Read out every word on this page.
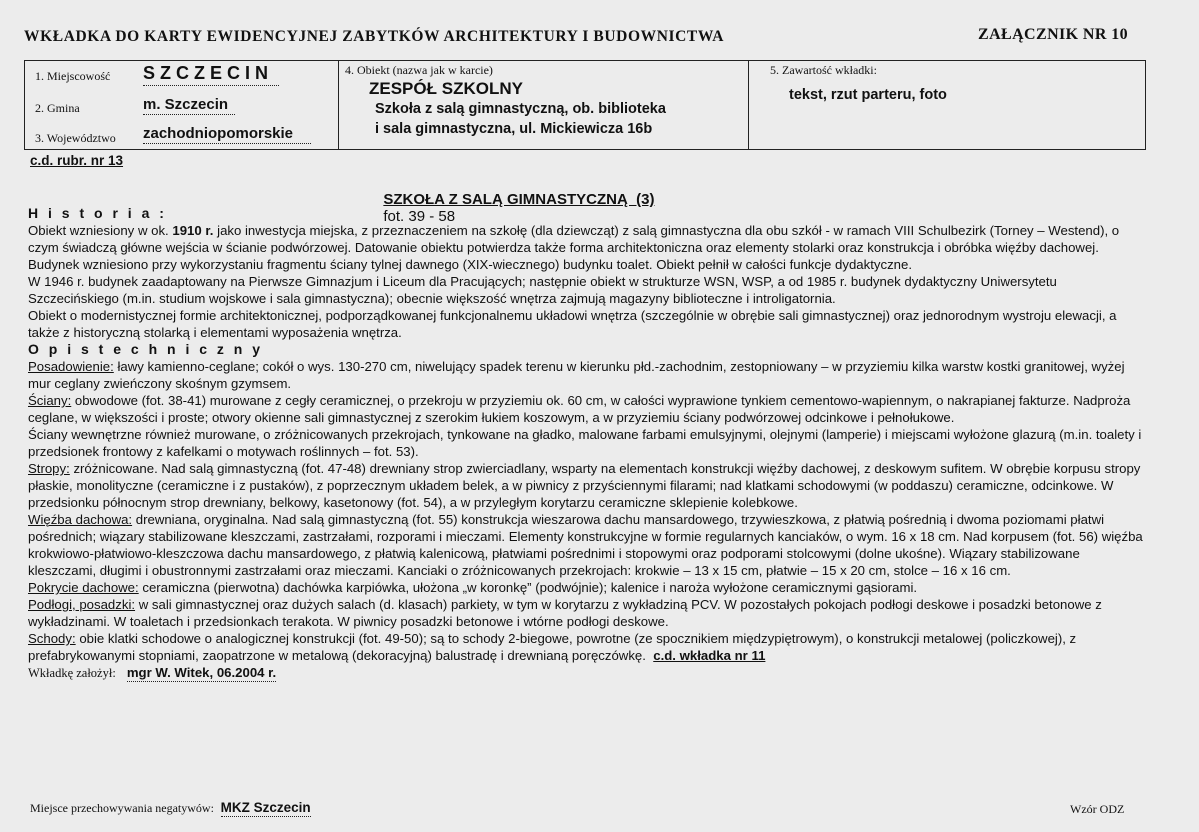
WKŁADKA DO KARTY EWIDENCYJNEJ ZABYTKÓW ARCHITEKTURY I BUDOWNICTWA	ZAŁĄCZNIK NR 10
1. Miejscowość S Z C Z E C I N
2. Gmina	m. Szczecin
3. Województwo zachodniopomorskie
4. Obiekt (nazwa jak w karcie)
ZESPÓŁ SZKOLNY
Szkoła z salą gimnastyczną, ob. biblioteka
i sala gimnastyczna, ul. Mickiewicza 16b
5. Zawartość wkładki:
tekst, rzut parteru, foto
c.d. rubr. nr 13

SZKOŁA Z SALĄ GIMNASTYCZNĄ  (3)
fot. 39 - 58

H i s t o r i a :

Obiekt wzniesiony w ok. 1910 r. jako inwestycja miejska, z przeznaczeniem na szkołę (dla dziewcząt) z salą gimnastyczna dla obu szkół - w ramach VIII Schulbezirk (Torney – Westend), o czym świadczą główne wejścia w ścianie podwórzowej. Datowanie obiektu potwierdza także forma architektoniczna oraz elementy stolarki oraz konstrukcja i obróbka więźby dachowej. Budynek wzniesiono przy wykorzystaniu fragmentu ściany tylnej dawnego (XIX-wiecznego) budynku toalet. Obiekt pełnił w całości funkcje dydaktyczne.

W 1946 r. budynek zaadaptowany na Pierwsze Gimnazjum i Liceum dla Pracujących; następnie obiekt w strukturze WSN, WSP, a od 1985 r. budynek dydaktyczny Uniwersytetu Szczecińskiego (m.in. studium wojskowe i sala gimnastyczna); obecnie większość wnętrza zajmują magazyny biblioteczne i introligatornia.

Obiekt o modernistycznej formie architektonicznej, podporządkowanej funkcjonalnemu układowi wnętrza (szczególnie w obrębie sali gimnastycznej) oraz jednorodnym wystroju elewacji, a także z historyczną stolarką i elementami wyposażenia wnętrza.

O p i s t e c h n i c z n y

Posadowienie: ławy kamienno-ceglane; cokół o wys. 130-270 cm, niwelujący spadek terenu w kierunku płd.-zachodnim, zestopniowany – w przyziemiu kilka warstw kostki granitowej, wyżej mur ceglany zwieńczony skośnym gzymsem.

Ściany: obwodowe (fot. 38-41) murowane z cegły ceramicznej, o przekroju w przyziemiu ok. 60 cm, w całości wyprawione tynkiem cementowo-wapiennym, o nakrapianej fakturze. Nadproża ceglane, w większości i proste; otwory okienne sali gimnastycznej z szerokim łukiem koszowym, a w przyziemiu ściany podwórzowej odcinkowe i pełnołukowe.

Ściany wewnętrzne również murowane, o zróżnicowanych przekrojach, tynkowane na gładko, malowane farbami emulsyjnymi, olejnymi (lamperie) i miejscami wyłożone glazurą (m.in. toalety i przedsionek frontowy z kafelkami o motywach roślinnych – fot. 53).

Stropy: zróżnicowane. Nad salą gimnastyczną (fot. 47-48) drewniany strop zwierciadlany, wsparty na elementach konstrukcji więźby dachowej, z deskowym sufitem. W obrębie korpusu stropy płaskie, monolityczne (ceramiczne i z pustaków), z poprzecznym układem belek, a w piwnicy z przyściennymi filarami; nad klatkami schodowymi (w poddaszu) ceramiczne, odcinkowe. W przedsionku północnym strop drewniany, belkowy, kasetonowy (fot. 54), a w przyległym korytarzu ceramiczne sklepienie kolebkowe.

Więźba dachowa: drewniana, oryginalna. Nad salą gimnastyczną (fot. 55) konstrukcja wieszarowa dachu mansardowego, trzywieszkowa, z płatwią pośrednią i dwoma poziomami płatwi pośrednich; wiązary stabilizowane kleszczami, zastrzałami, rozporami i mieczami. Elementy konstrukcyjne w formie regularnych kanciaków, o wym. 16 x 18 cm. Nad korpusem (fot. 56) więźba krokwiowo-płatwiowo-kleszczowa dachu mansardowego, z płatwią kalenicową, płatwiami pośrednimi i stopowymi oraz podporami stolcowymi (dolne ukośne). Wiązary stabilizowane kleszczami, długimi i obustronnymi zastrzałami oraz mieczami. Kanciaki o zróżnicowanych przekrojach: krokwie – 13 x 15 cm, płatwie – 15 x 20 cm, stolce – 16 x 16 cm.

Pokrycie dachowe: ceramiczna (pierwotna) dachówka karpiówka, ułożona „w koronkę” (podwójnie); kalenice i naroża wyłożone ceramicznymi gąsiorami.

Podłogi, posadzki: w sali gimnastycznej oraz dużych salach (d. klasach) parkiety, w tym w korytarzu z wykładziną PCV. W pozostałych pokojach podłogi deskowe i posadzki betonowe z wykładzinami. W toaletach i przedsionkach terakota. W piwnicy posadzki betonowe i wtórne podłogi deskowe.

Schody: obie klatki schodowe o analogicznej konstrukcji (fot. 49-50); są to schody 2-biegowe, powrotne (ze spocznikiem międzypiętrowym), o konstrukcji metalowej (policzkowej), z prefabrykowanymi stopniami, zaopatrzone w metalową (dekoracyjną) balustradę i drewnianą poręczówkę. c.d. wkładka nr 11

Wkładkę założył: mgr W. Witek, 06.2004 r.

Miejsce przechowywania negatywów: MKZ Szczecin	Wzór ODZ
